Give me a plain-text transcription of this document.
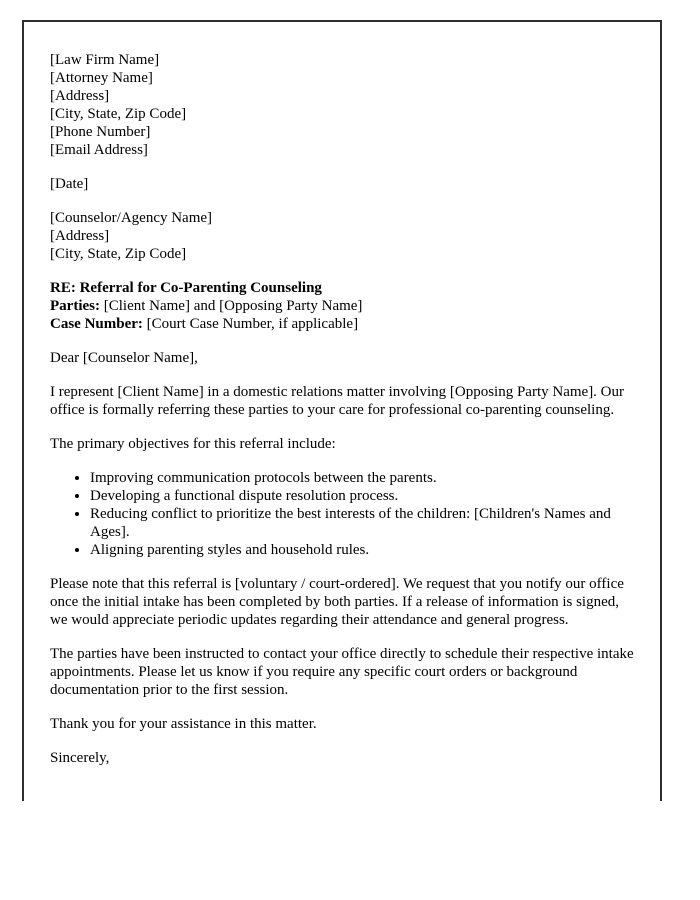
[Law Firm Name]
[Attorney Name]
[Address]
[City, State, Zip Code]
[Phone Number]
[Email Address]
[Date]
[Counselor/Agency Name]
[Address]
[City, State, Zip Code]
RE: Referral for Co-Parenting Counseling
Parties: [Client Name] and [Opposing Party Name]
Case Number: [Court Case Number, if applicable]

Dear [Counselor Name],

I represent [Client Name] in a domestic relations matter involving [Opposing Party Name]. Our office is formally referring these parties to your care for professional co-parenting counseling.

The primary objectives for this referral include:

• Improving communication protocols between the parents.
• Developing a functional dispute resolution process.
• Reducing conflict to prioritize the best interests of the children: [Children's Names and Ages].
• Aligning parenting styles and household rules.

Please note that this referral is [voluntary / court-ordered]. We request that you notify our office once the initial intake has been completed by both parties. If a release of information is signed, we would appreciate periodic updates regarding their attendance and general progress.

The parties have been instructed to contact your office directly to schedule their respective intake appointments. Please let us know if you require any specific court orders or background documentation prior to the first session.

Thank you for your assistance in this matter.

Sincerely,
